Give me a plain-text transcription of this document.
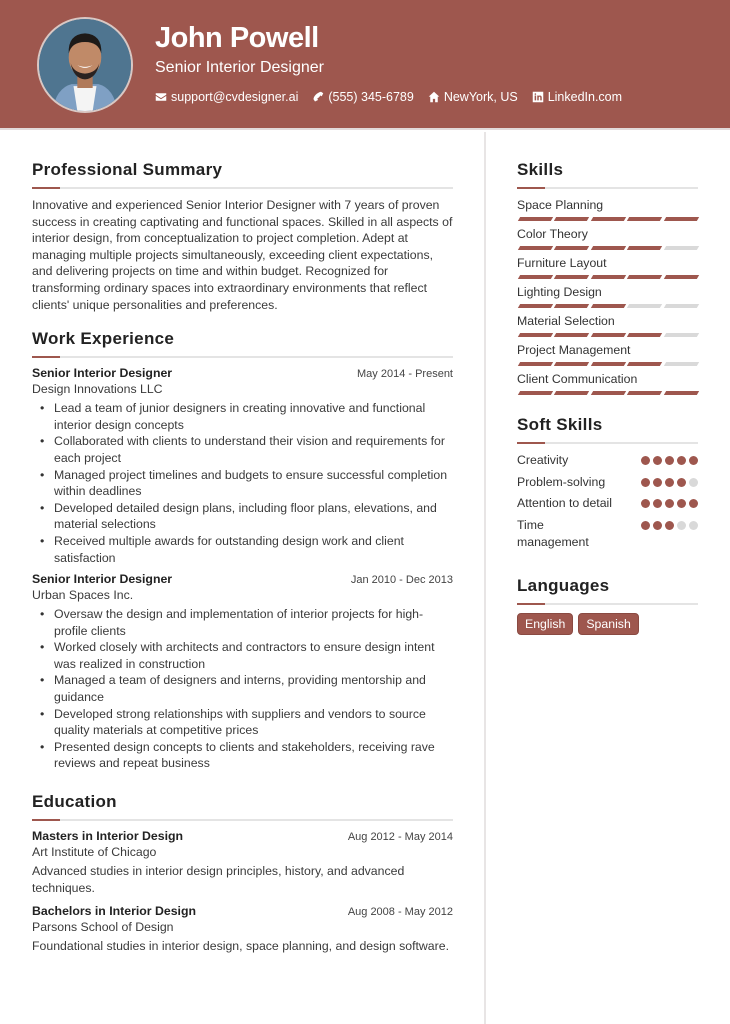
John Powell
Senior Interior Designer
support@cvdesigner.ai (555) 345-6789 NewYork, US LinkedIn.com
Professional Summary

Innovative and experienced Senior Interior Designer with 7 years of proven success in creating captivating and functional spaces. Skilled in all aspects of interior design, from conceptualization to project completion. Adept at managing multiple projects simultaneously, exceeding client expectations, and delivering projects on time and within budget. Recognized for transforming ordinary spaces into extraordinary environments that reflect clients' unique personalities and preferences.

Work Experience
Senior Interior Designer	May 2014 - Present
Design Innovations LLC
• Lead a team of junior designers in creating innovative and functional interior design concepts
• Collaborated with clients to understand their vision and requirements for each project
• Managed project timelines and budgets to ensure successful completion within deadlines
• Developed detailed design plans, including floor plans, elevations, and material selections
• Received multiple awards for outstanding design work and client satisfaction
Senior Interior Designer	Jan 2010 - Dec 2013
Urban Spaces Inc.
• Oversaw the design and implementation of interior projects for high-profile clients
• Worked closely with architects and contractors to ensure design intent was realized in construction
• Managed a team of designers and interns, providing mentorship and guidance
• Developed strong relationships with suppliers and vendors to source quality materials at competitive prices
• Presented design concepts to clients and stakeholders, receiving rave reviews and repeat business
Education
Masters in Interior Design	Aug 2012 - May 2014
Art Institute of Chicago

Advanced studies in interior design principles, history, and advanced techniques.

Bachelors in Interior Design	Aug 2008 - May 2012
Parsons School of Design

Foundational studies in interior design, space planning, and design software.

Skills
Space Planning
Color Theory
Furniture Layout
Lighting Design
Material Selection
Project Management
Client Communication
Soft Skills
Creativity
Problem-solving
Attention to detail
Time management
Languages
English	Spanish
